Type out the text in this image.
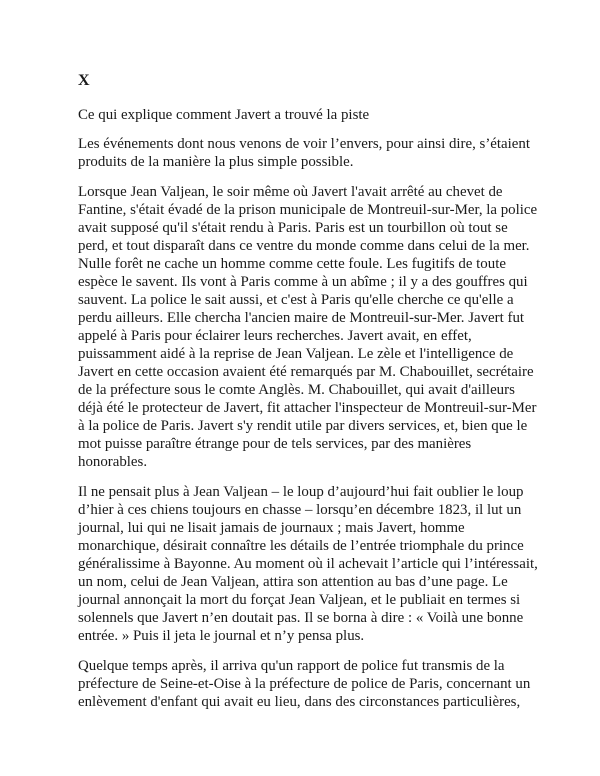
X
Ce qui explique comment Javert a trouvé la piste

Les événements dont nous venons de voir l’envers, pour ainsi dire, s’étaient produits de la manière la plus simple possible.

Lorsque Jean Valjean, le soir même où Javert l'avait arrêté au chevet de Fantine, s'était évadé de la prison municipale de Montreuil-sur-Mer, la police avait supposé qu'il s'était rendu à Paris. Paris est un tourbillon où tout se perd, et tout disparaît dans ce ventre du monde comme dans celui de la mer. Nulle forêt ne cache un homme comme cette foule. Les fugitifs de toute espèce le savent. Ils vont à Paris comme à un abîme ; il y a des gouffres qui sauvent. La police le sait aussi, et c'est à Paris qu'elle cherche ce qu'elle a perdu ailleurs. Elle chercha l'ancien maire de Montreuil-sur-Mer. Javert fut appelé à Paris pour éclairer leurs recherches. Javert avait, en effet, puissamment aidé à la reprise de Jean Valjean. Le zèle et l'intelligence de Javert en cette occasion avaient été remarqués par M. Chabouillet, secrétaire de la préfecture sous le comte Anglès. M. Chabouillet, qui avait d'ailleurs déjà été le protecteur de Javert, fit attacher l'inspecteur de Montreuil-sur-Mer à la police de Paris. Javert s'y rendit utile par divers services, et, bien que le mot puisse paraître étrange pour de tels services, par des manières honorables.

Il ne pensait plus à Jean Valjean – le loup d’aujourd’hui fait oublier le loup d’hier à ces chiens toujours en chasse – lorsqu’en décembre 1823, il lut un journal, lui qui ne lisait jamais de journaux ; mais Javert, homme monarchique, désirait connaître les détails de l’entrée triomphale du prince généralissime à Bayonne. Au moment où il achevait l’article qui l’intéressait, un nom, celui de Jean Valjean, attira son attention au bas d’une page. Le journal annonçait la mort du forçat Jean Valjean, et le publiait en termes si solennels que Javert n’en doutait pas. Il se borna à dire : « Voilà une bonne entrée. » Puis il jeta le journal et n’y pensa plus.

Quelque temps après, il arriva qu'un rapport de police fut transmis de la préfecture de Seine-et-Oise à la préfecture de police de Paris, concernant un enlèvement d'enfant qui avait eu lieu, dans des circonstances particulières,
